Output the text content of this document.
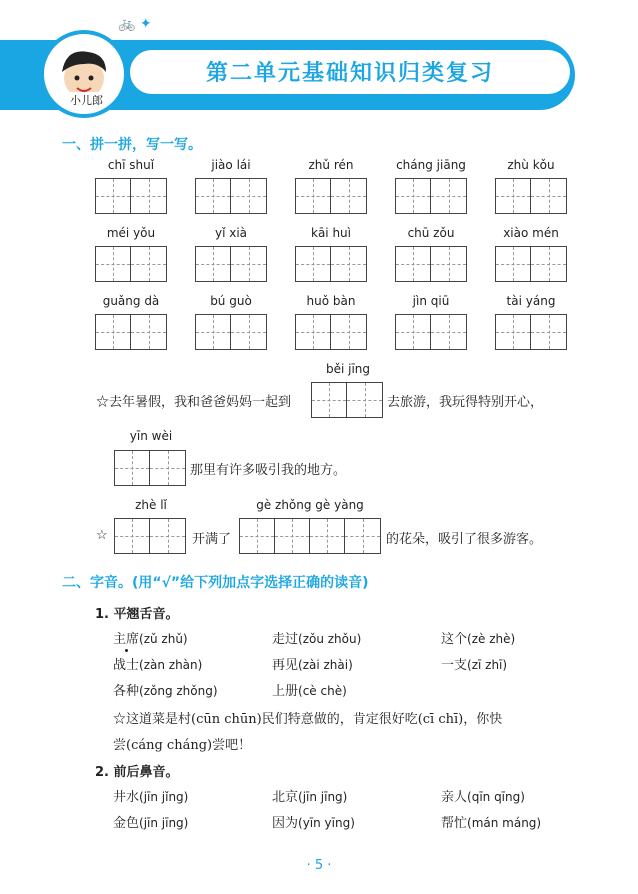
🚲 ✦
小儿郎
第二单元基础知识归类复习
一、拼一拼，写一写。
chī shuǐ	jiào lái	zhǔ rén	cháng jiāng	zhù kǒu
méi yǒu	yǐ xià	kāi huì	chū zǒu	xiào mén
guǎng dà	bú guò	huǒ bàn	jìn qiū	tài yáng
běi jīng
☆去年暑假，我和爸爸妈妈一起到	去旅游，我玩得特别开心，
yīn wèi
那里有许多吸引我的地方。
zhè lǐ
☆	开满了
gè zhǒng gè yàng
的花朵，吸引了很多游客。
二、字音。(用“√”给下列加点字选择正确的读音)
1. 平翘舌音。
主席(zǔ zhǔ)	走过(zǒu zhǒu)	这个(zè zhè)
战士(zàn zhàn)	再见(zài zhài)	一支(zī zhī)
各种(zǒng zhǒng)	上册(cè chè)
☆这道菜是村(cūn chūn)民们特意做的，肯定很好吃(cī chī)，你快
尝(cáng cháng)尝吧！
2. 前后鼻音。
井水(jīn jǐng)	北京(jīn jīng)	亲人(qīn qīng)
金色(jīn jīng)	因为(yīn yīng)	帮忙(mán máng)
· 5 ·
